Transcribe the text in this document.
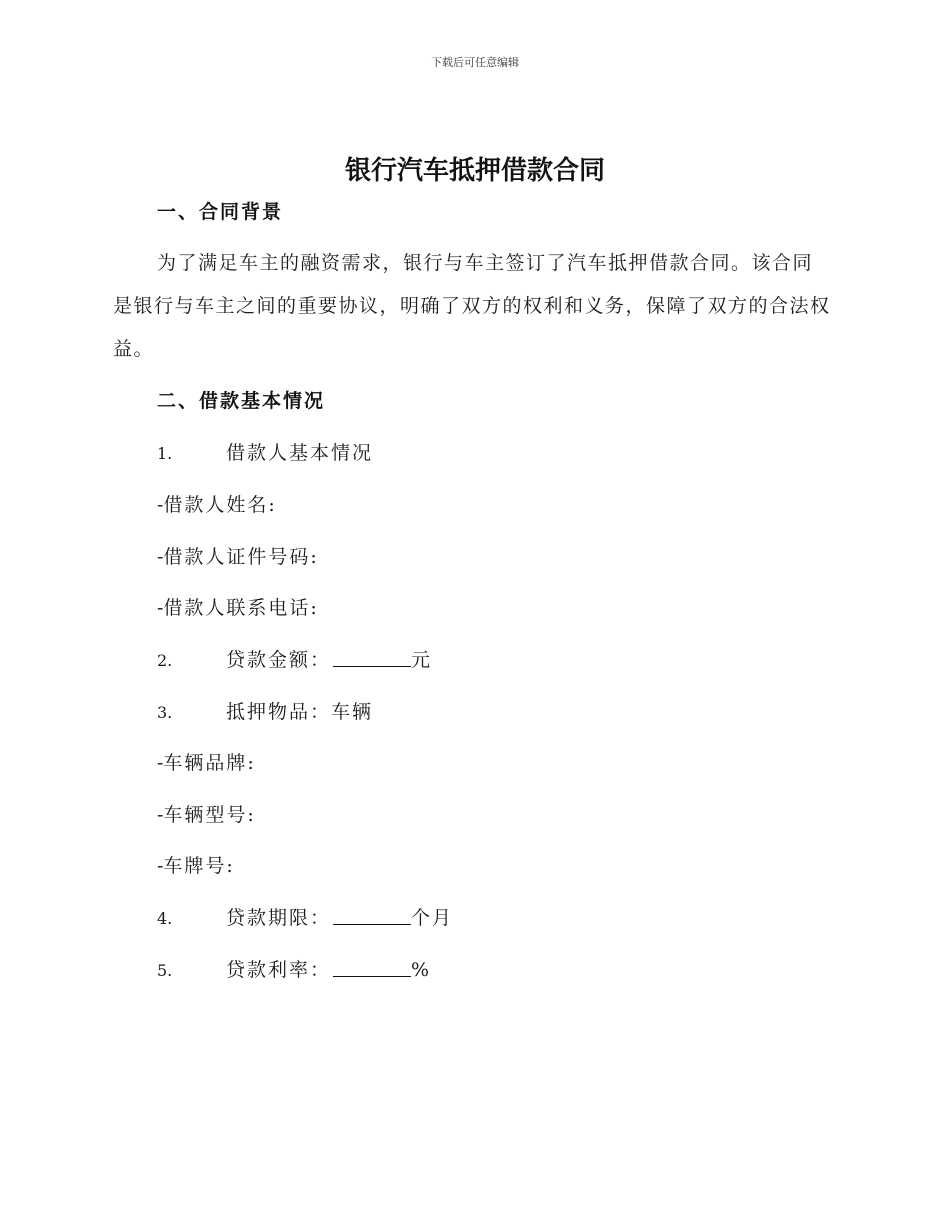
下载后可任意编辑
银行汽车抵押借款合同
一、合同背景
为了满足车主的融资需求，银行与车主签订了汽车抵押借款合同。该合同是银行与车主之间的重要协议，明确了双方的权利和义务，保障了双方的合法权益。
二、借款基本情况
1.	借款人基本情况
-借款人姓名:
-借款人证件号码:
-借款人联系电话:
2.	贷款金额：	元
3.	抵押物品：车辆
-车辆品牌:
-车辆型号:
-车牌号:
4.	贷款期限：	个月
5.	贷款利率：	%
